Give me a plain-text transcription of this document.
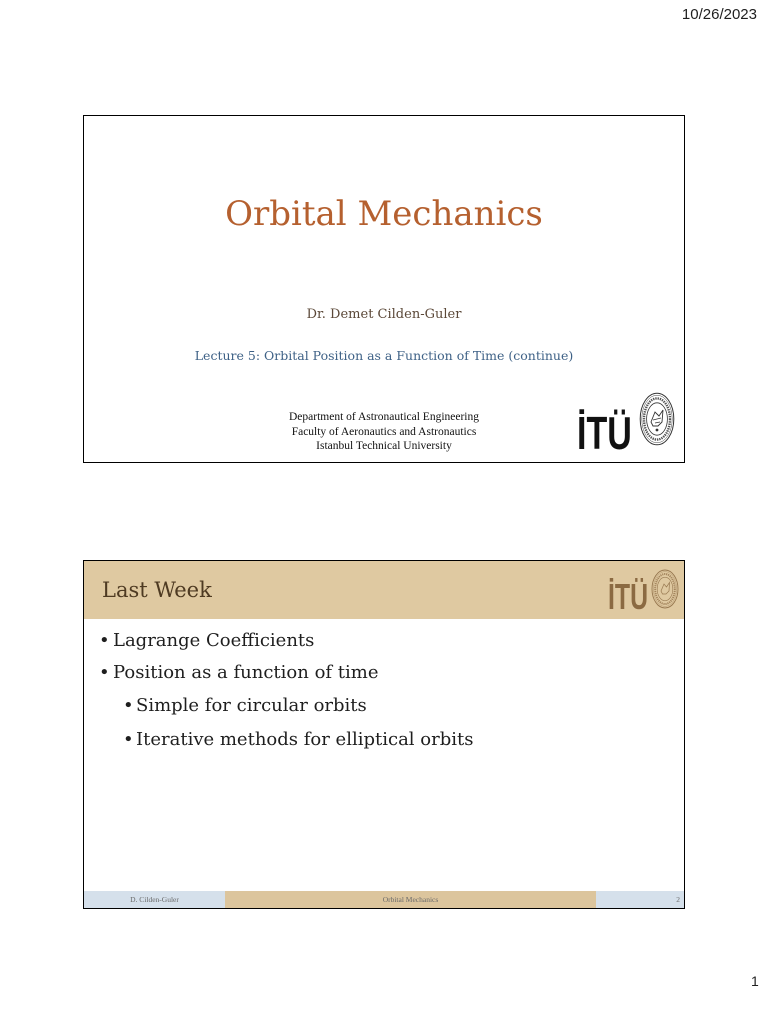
10/26/2023
Orbital Mechanics
Dr. Demet Cilden-Guler
Lecture 5: Orbital Position as a Function of Time (continue)
Department of Astronautical Engineering
Faculty of Aeronautics and Astronautics
Istanbul Technical University	İTÜ
Last Week	İTÜ
• Lagrange Coefficients
• Position as a function of time
• Simple for circular orbits
• Iterative methods for elliptical orbits
D. Cilden-Guler	Orbital Mechanics	2
1
